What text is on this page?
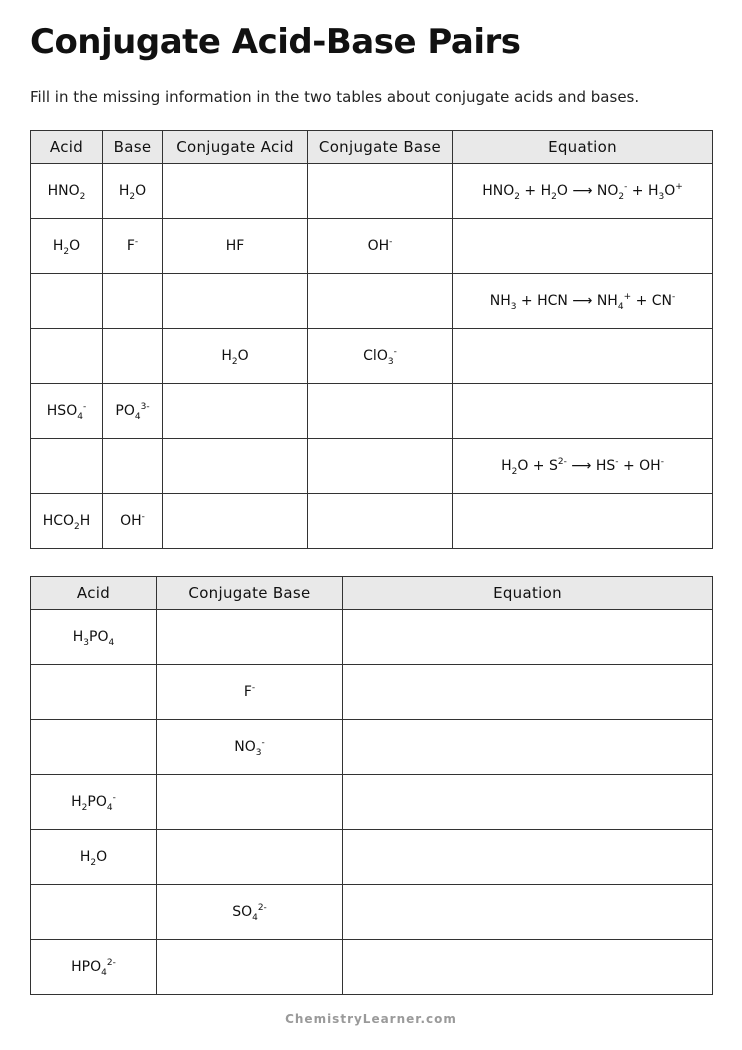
Conjugate Acid-Base Pairs
Fill in the missing information in the two tables about conjugate acids and bases.
Acid	Base	Conjugate Acid	Conjugate Base	Equation
$HNO_2$	$H_2O$			$HNO_2 + H_2O$ ⟶ $NO_2^- + H_3O^+$
$H_2O$	F-	HF	OH-	
				$NH_3$ + HCN ⟶ $NH_4^+ + CN^-$
		$H_2O$	ClO$_3$-	
$HSO_4^-$	$PO_4^{3-}$			
				$H_2O + S^{2-}$ ⟶ HS- + OH-
$HCO_2H$	OH-			
Acid	Conjugate Base	Equation
$H_3PO_4$		
	F-	
	$NO_3^-$	
$H_2PO_4^-$		
$H_2O$		
	$SO_4^{2-}$	
$HPO_4^{2-}$		
ChemistryLearner.com
